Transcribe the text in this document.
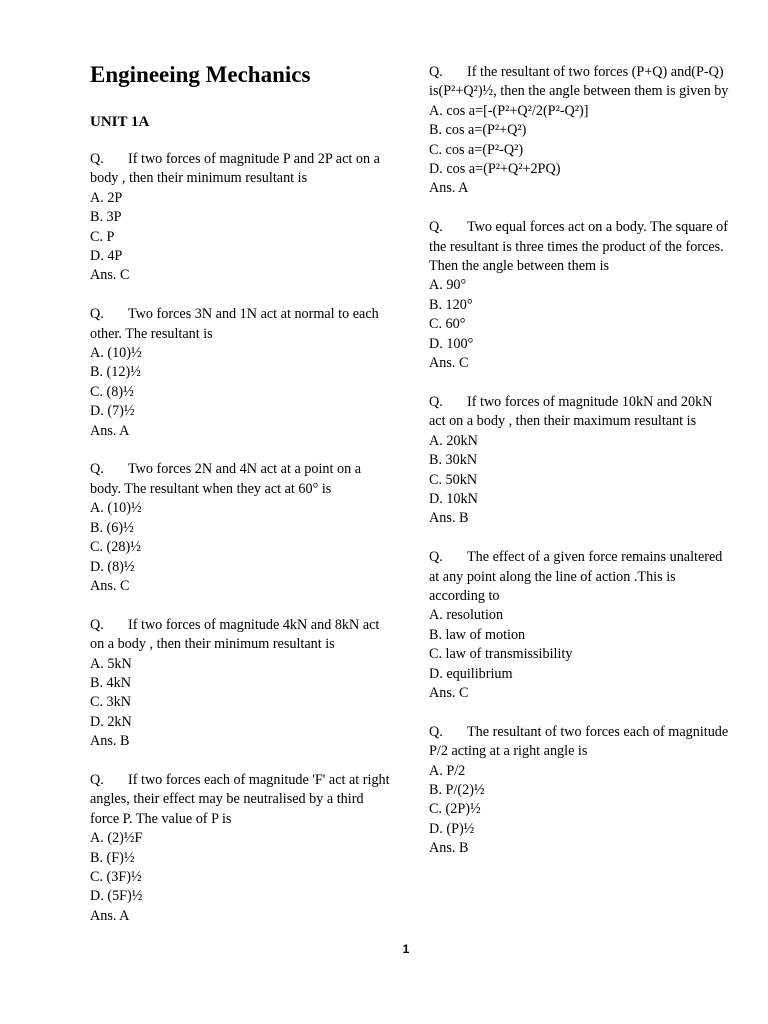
Engineeing Mechanics
UNIT 1A
Q. If two forces of magnitude P and 2P act on a body , then their minimum resultant is
A. 2P
B. 3P
C. P
D. 4P
Ans. C
Q. Two forces 3N and 1N act at normal to each other. The resultant is
A. (10)½
B. (12)½
C. (8)½
D. (7)½
Ans. A
Q. Two forces 2N and 4N act at a point on a body. The resultant when they act at 60° is
A. (10)½
B. (6)½
C. (28)½
D. (8)½
Ans. C
Q. If two forces of magnitude 4kN and 8kN act on a body , then their minimum resultant is
A. 5kN
B. 4kN
C. 3kN
D. 2kN
Ans. B
Q. If two forces each of magnitude 'F' act at right angles, their effect may be neutralised by a third force P. The value of P is
A. (2)½F
B. (F)½
C. (3F)½
D. (5F)½
Ans. A
Q. If the resultant of two forces (P+Q) and(P-Q) is(P²+Q²)½, then the angle between them is given by
A. cos a=[-(P²+Q²/2(P²-Q²)]
B. cos a=(P²+Q²)
C. cos a=(P²-Q²)
D. cos a=(P²+Q²+2PQ)
Ans. A
Q. Two equal forces act on a body. The square of the resultant is three times the product of the forces. Then the angle between them is
A. 90°
B. 120°
C. 60°
D. 100°
Ans. C
Q. If two forces of magnitude 10kN and 20kN act on a body , then their maximum resultant is
A. 20kN
B. 30kN
C. 50kN
D. 10kN
Ans. B
Q. The effect of a given force remains unaltered at any point along the line of action .This is according to
A. resolution
B. law of motion
C. law of transmissibility
D. equilibrium
Ans. C
Q. The resultant of two forces each of magnitude P/2 acting at a right angle is
A. P/2
B. P/(2)½
C. (2P)½
D. (P)½
Ans. B
1
